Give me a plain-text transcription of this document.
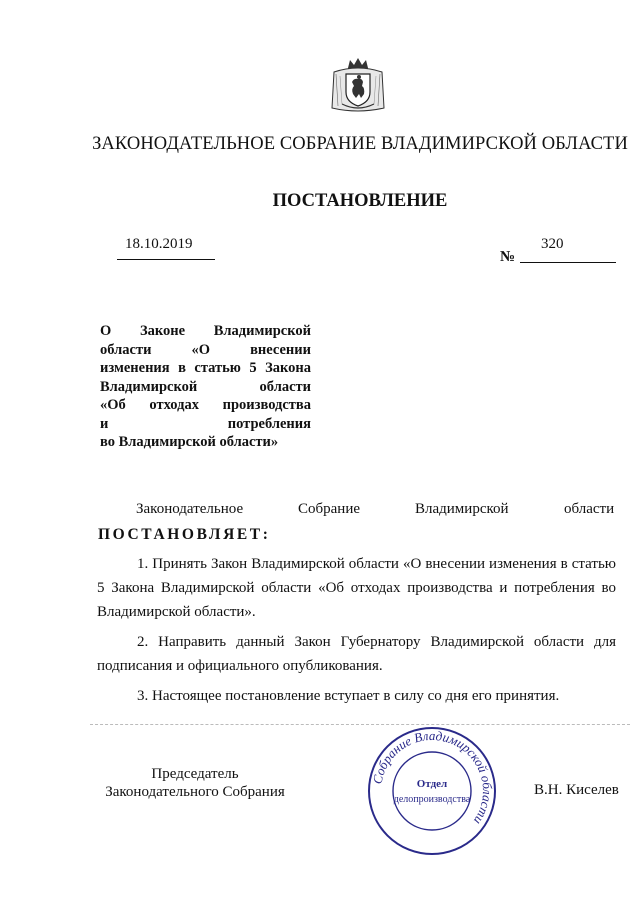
ЗАКОНОДАТЕЛЬНОЕ СОБРАНИЕ ВЛАДИМИРСКОЙ ОБЛАСТИ
ПОСТАНОВЛЕНИЕ
18.10.2019	320
№
О Законе Владимирской
области «О внесении
изменения в статью 5 Закона
Владимирской области
«Об отходах производства
и потребления
во Владимирской области»
Законодательное	Собрание	Владимирской	области
ПОСТАНОВЛЯЕТ:

1. Принять Закон Владимирской области «О внесении изменения в статью 5 Закона Владимирской области «Об отходах производства и потребления во Владимирской области».

2. Направить данный Закон Губернатору Владимирской области для подписания и официального опубликования.

3. Настоящее постановление вступает в силу со дня его принятия.

Председатель
Законодательного Собрания
Собрание Владимирской области
Отдел
делопроизводства
В.Н. Киселев
